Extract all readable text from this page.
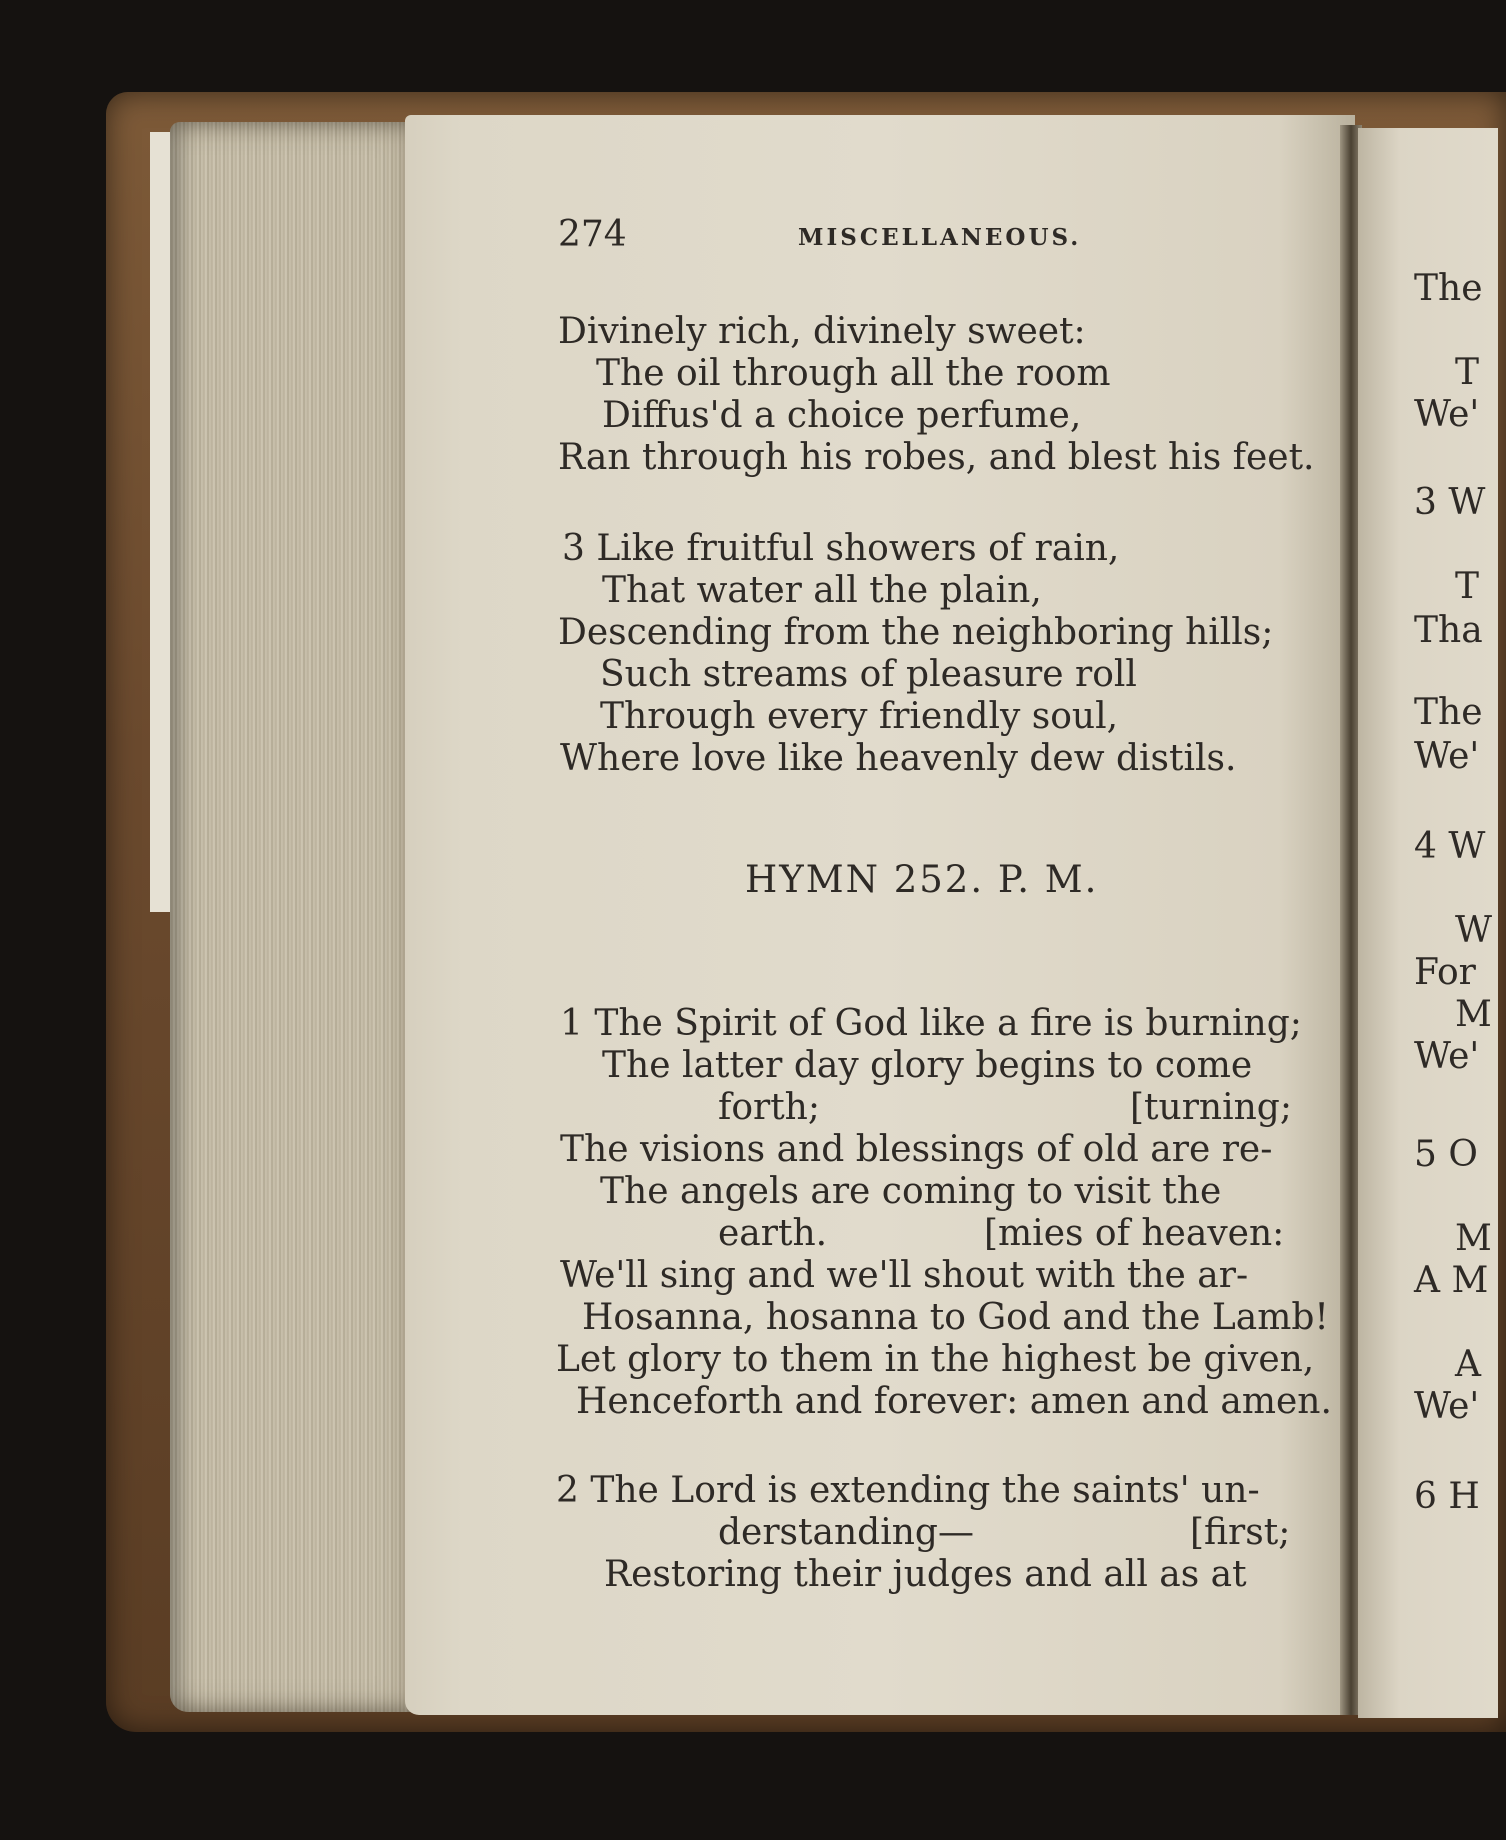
274	MISCELLANEOUS.
Divinely rich, divinely sweet:
The oil through all the room
Diffus'd a choice perfume,
Ran through his robes, and blest his feet.
3 Like fruitful showers of rain,
That water all the plain,
Descending from the neighboring hills;
Such streams of pleasure roll
Through every friendly soul,
Where love like heavenly dew distils.
HYMN 252. P. M.
1 The Spirit of God like a fire is burning;
The latter day glory begins to come
forth;	[turning;
The visions and blessings of old are re-
The angels are coming to visit the
earth.	[mies of heaven:
We'll sing and we'll shout with the ar-
Hosanna, hosanna to God and the Lamb!
Let glory to them in the highest be given,
Henceforth and forever: amen and amen.
2 The Lord is extending the saints' un-
derstanding—	[first;
Restoring their judges and all as at
The
T
We'
3 W
T
Tha
The
We'
4 W
W
For
M
We'
5 O
M
A M
A
We'
6 H
